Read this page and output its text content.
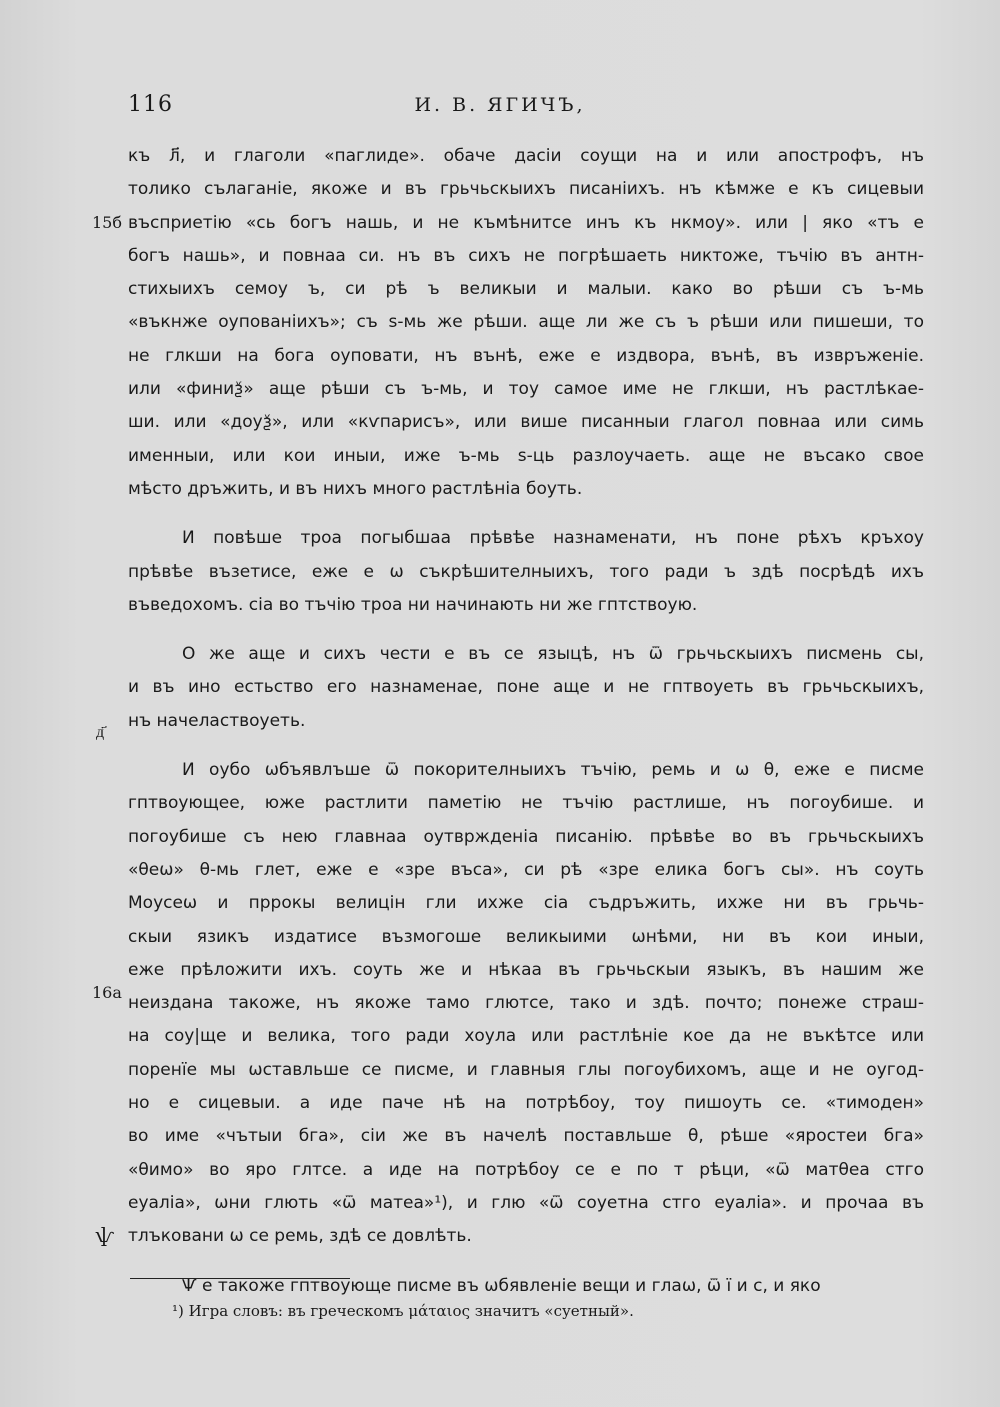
116	И. В. ЯГИЧЪ,
15б
д҃
16а
ѱ
къ л҃, и глаголи «паглиде». обаче дасіи соущи на и или апострофъ, нъ
толико сълаганіе, якоже и въ грьчьскыихъ писаніихъ. нъ кѣмже е къ сицевыи
въсприетію «сь богъ нашь, и не къмѣнитсе инъ къ нкмоу». или | яко «тъ е
богъ нашь», и повнаа си. нъ въ сихъ не погрѣшаеть никтоже, тъчію въ антн-
стихыихъ семоу ъ, си рѣ ъ великыи и малыи. како во рѣши съ ъ-мь
«въкнже оупованіихъ»; съ ѕ-мь же рѣши. аще ли же съ ъ рѣши или пишеши, то
не глкши на бога оуповати, нъ вънѣ, еже е издвора, вънѣ, въ извръженіе.
или «финиѯ» аще рѣши съ ъ-мь, и тоу самое име не глкши, нъ растлѣкае-
ши. или «доуѯ», или «кѵпарисъ», или више писанныи глагол повнаа или симь
именныи, или кои иныи, иже ъ-мь ѕ-ць разлоучаеть. аще не въсако свое
мѣсто дръжить, и въ нихъ много растлѣніа боуть.
И повѣше троа погыбшаа прѣвѣе назнаменати, нъ поне рѣхъ кръхоу
прѣвѣе възетисе, еже е ѡ съкрѣшителныихъ, того ради ъ здѣ посрѣдѣ ихъ
въведохомъ. сіа во тъчію троа ни начинають ни же гптствоую.
О же аще и сихъ чести е въ се языцѣ, нъ ѿ грьчьскыихъ писмень сы,
и въ ино естьство его назнаменае, поне аще и не гптвоуеть въ грьчьскыихъ,
нъ начеластвоуеть.
И оубо ѡбъявлъше ѿ покорителныихъ тъчію, ремь и ѡ θ, еже е писме
гптвоующее, юже растлити паметію не тъчію растлише, нъ погоубише. и
погоубише съ нею главнаа оутвржденіа писанію. прѣвѣе во въ грьчьскыихъ
«θеѡ» θ-мь глет, еже е «зре въса», си рѣ «зре елика богъ сы». нъ соуть
Моусеѡ и пррокы велицін гли ихже сіа съдръжить, ихже ни въ грьчь-
скыи язикъ издатисе възмогоше великыими ѡнѣми, ни въ кои иныи,
еже прѣложити ихъ. соуть же и нѣкаа въ грьчьскыи языкъ, въ нашим же
неиздана такоже, нъ якоже тамо глютсе, тако и здѣ. почто; понеже страш-
на соу|ще и велика, того ради хоула или растлѣніе кое да не въкѣтсе или
поренїе мы ѡставльше се писме, и главныя глы погоубихомъ, аще и не оугод-
но е сицевыи. а иде паче нѣ на потрѣбоу, тоу пишоуть се. «тимоден»
во име «чътыи бга», сіи же въ начелѣ поставльше θ, рѣше «яростеи бга»
«θимо» во яро глтсе. а иде на потрѣбоу се е по т рѣци, «ѿ матθеа стго
еуаліа», ѡни глють «ѿ матеа»¹), и глю «ѿ соуетна стго еуаліа». и прочаа въ
тлъковани ѡ се ремь, здѣ се довлѣть.
Ѱ е такоже гптвоующе писме въ ѡбявленіе вещи и глаѡ, ѿ ї и с, и яко
¹) Игра словъ: въ греческомъ μάταιος значитъ «суетный».
